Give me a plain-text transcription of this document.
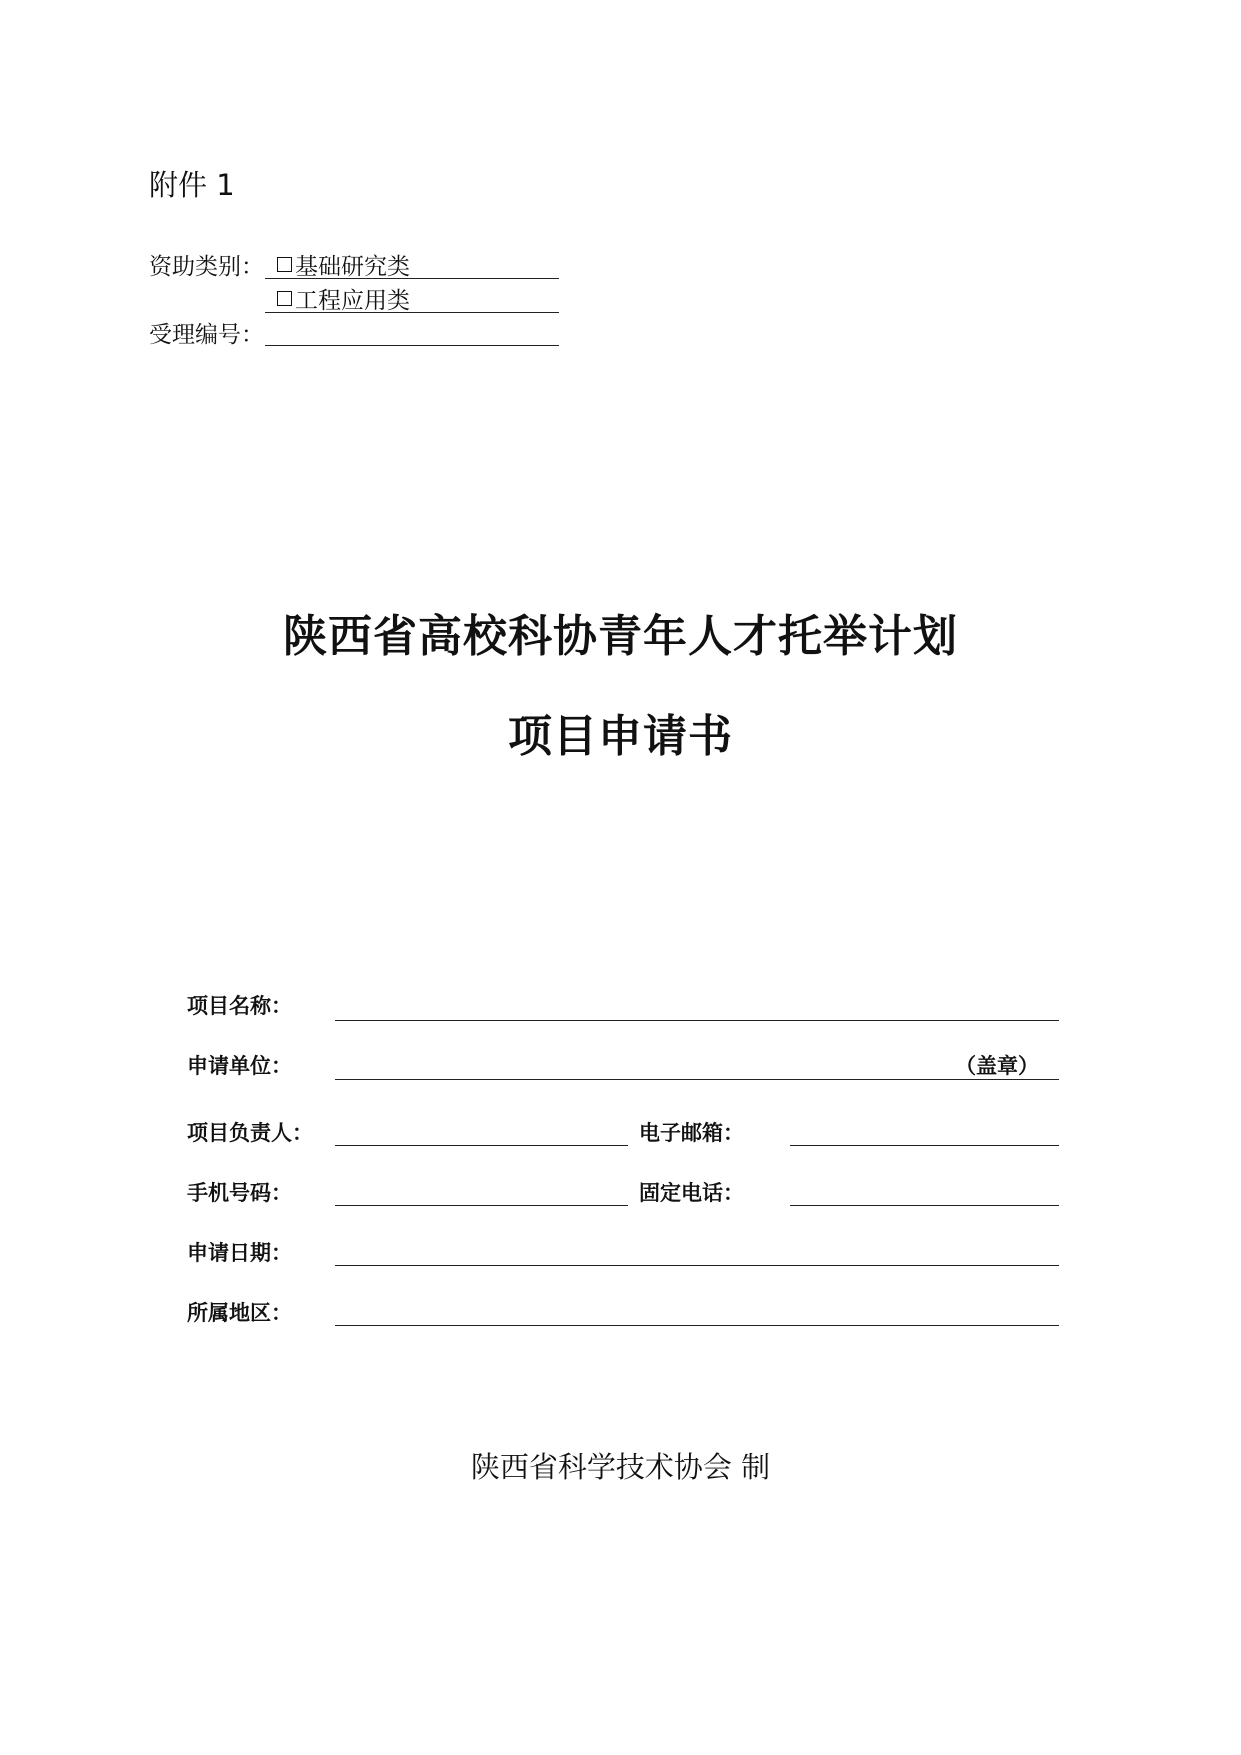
附件 1
资助类别： 基础研究类
工程应用类
受理编号：
陕西省高校科协青年人才托举计划
项目申请书
项目名称：
申请单位：	（盖章）
项目负责人：	电子邮箱：
手机号码：	固定电话：
申请日期：
所属地区：
陕西省科学技术协会 制
